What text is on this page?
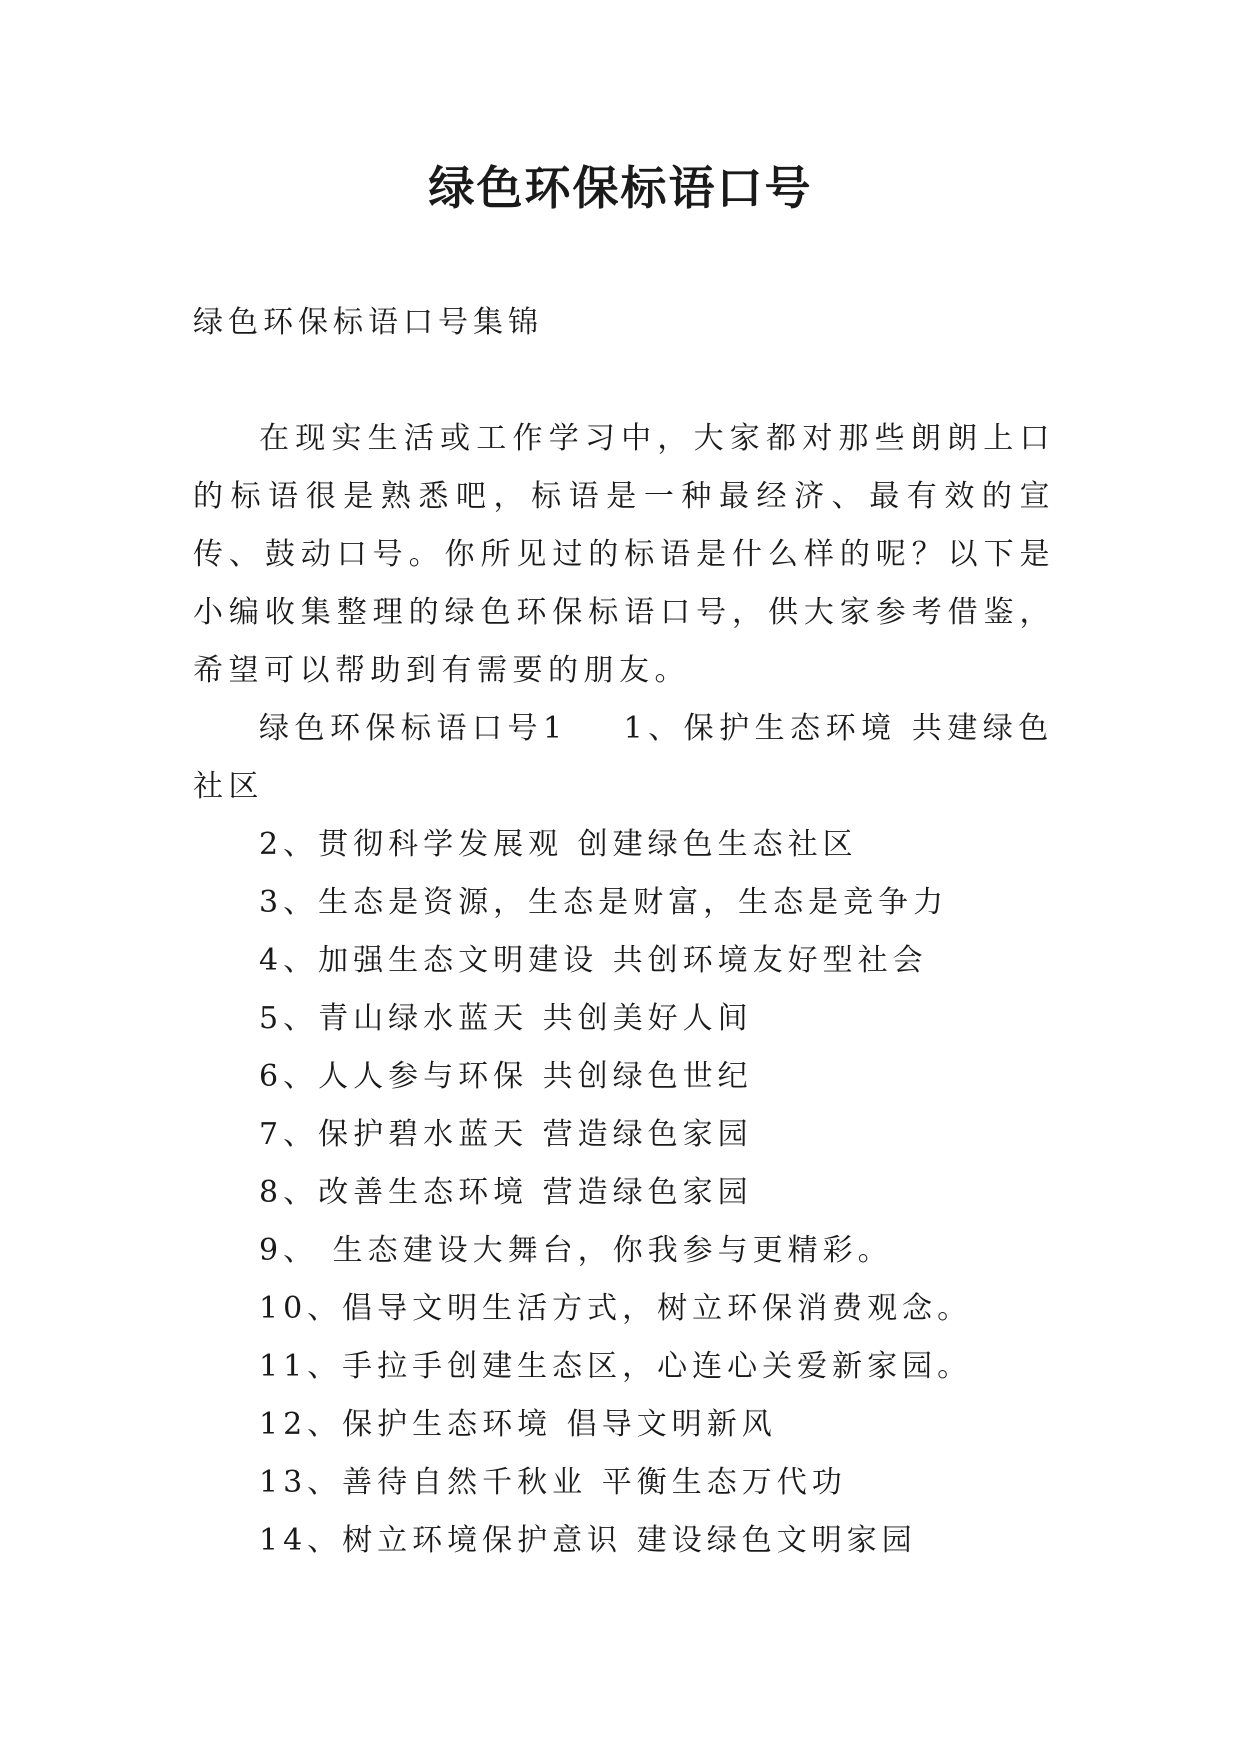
绿色环保标语口号

绿色环保标语口号集锦

在现实生活或工作学习中，大家都对那些朗朗上口的标语很是熟悉吧，标语是一种最经济、最有效的宣传、鼓动口号。你所见过的标语是什么样的呢？以下是小编收集整理的绿色环保标语口号，供大家参考借鉴，希望可以帮助到有需要的朋友。

绿色环保标语口号1 1、保护生态环境 共建绿色社区

2、贯彻科学发展观 创建绿色生态社区
3、生态是资源，生态是财富，生态是竞争力
4、加强生态文明建设 共创环境友好型社会
5、青山绿水蓝天 共创美好人间
6、人人参与环保 共创绿色世纪
7、保护碧水蓝天 营造绿色家园
8、改善生态环境 营造绿色家园
9、 生态建设大舞台，你我参与更精彩。
10、倡导文明生活方式，树立环保消费观念。
11、手拉手创建生态区，心连心关爱新家园。
12、保护生态环境 倡导文明新风
13、善待自然千秋业 平衡生态万代功
14、树立环境保护意识 建设绿色文明家园
